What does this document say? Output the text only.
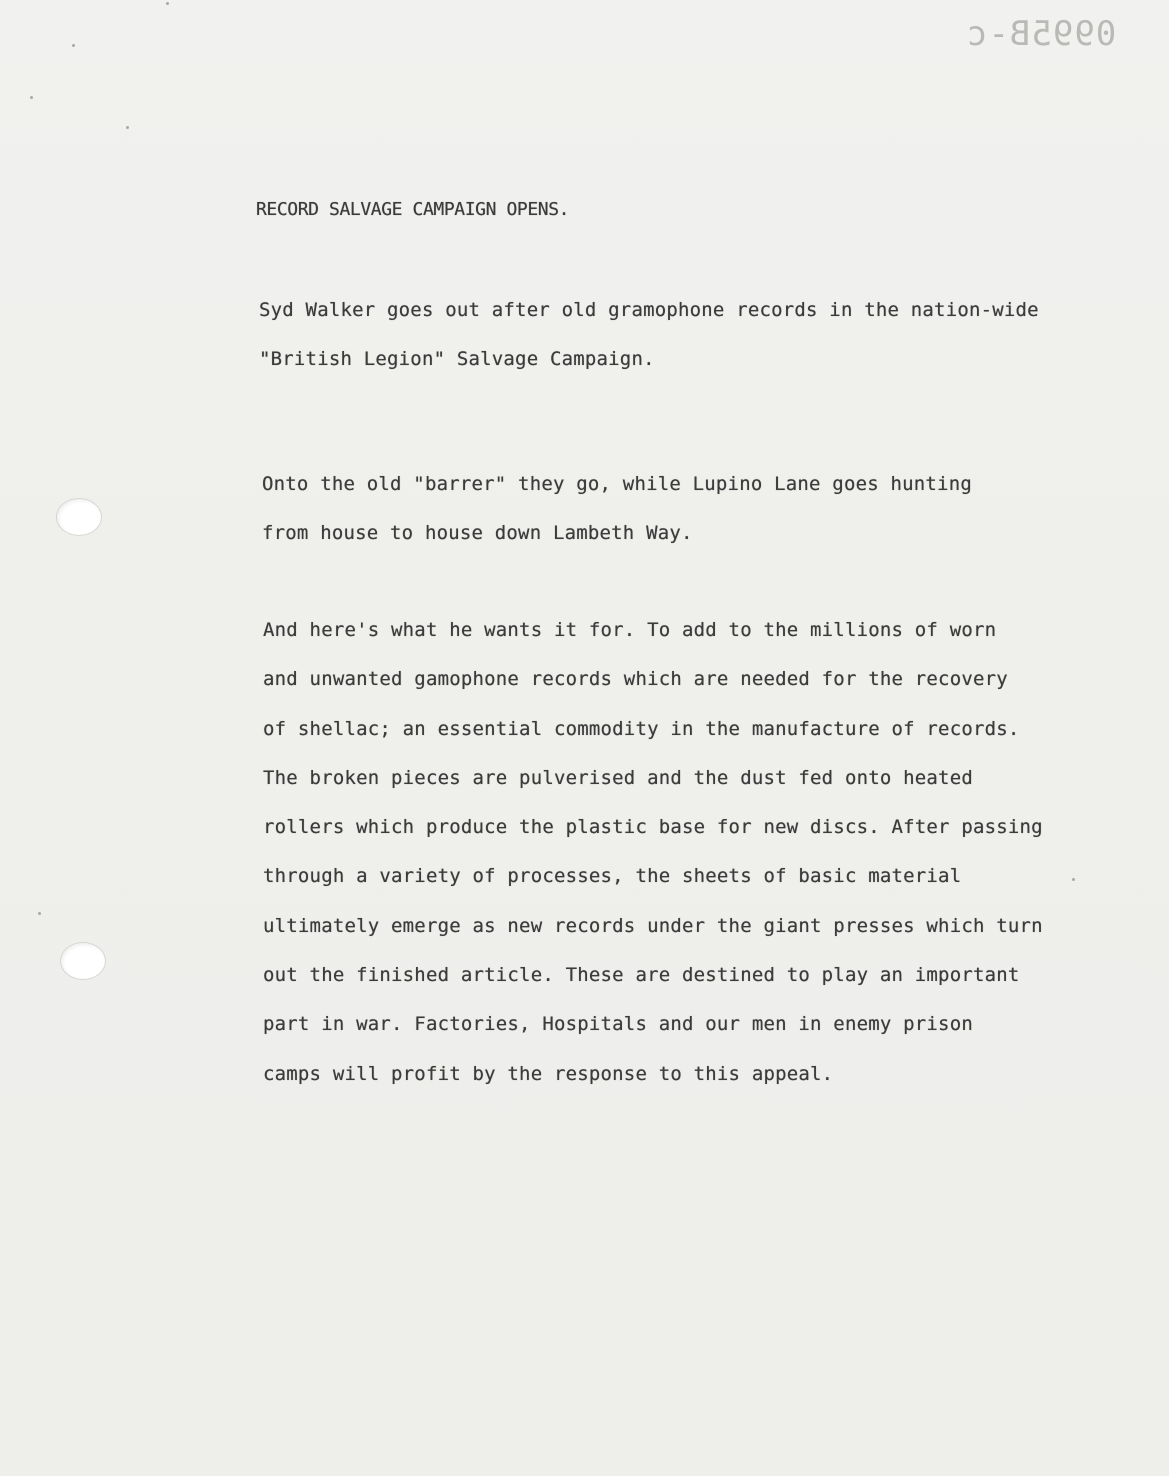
0995B-c
RECORD SALVAGE CAMPAIGN OPENS.
Syd Walker goes out after old gramophone records in the nation-wide
"British Legion" Salvage Campaign.
Onto the old "barrer" they go, while Lupino Lane goes hunting
from house to house down Lambeth Way.
And here's what he wants it for. To add to the millions of worn
and unwanted gamophone records which are needed for the recovery
of shellac; an essential commodity in the manufacture of records.
The broken pieces are pulverised and the dust fed onto heated
rollers which produce the plastic base for new discs. After passing
through a variety of processes, the sheets of basic material
ultimately emerge as new records under the giant presses which turn
out the finished article. These are destined to play an important
part in war. Factories, Hospitals and our men in enemy prison
camps will profit by the response to this appeal.
